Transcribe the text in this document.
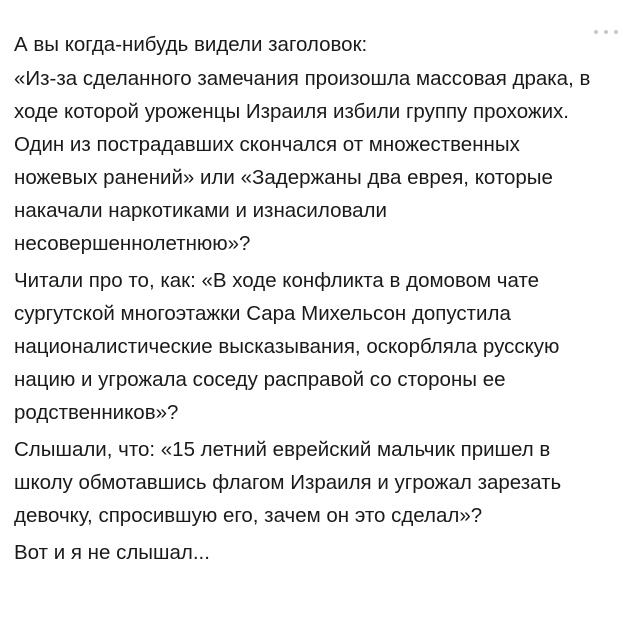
А вы когда-нибудь видели заголовок:

«Из-за сделанного замечания произошла массовая драка, в ходе которой уроженцы Израиля избили группу прохожих. Один из пострадавших скончался от множественных ножевых ранений» или «Задержаны два еврея, которые накачали наркотиками и изнасиловали несовершеннолетнюю»?

Читали про то, как: «В ходе конфликта в домовом чате сургутской многоэтажки Сара Михельсон допустила националистические высказывания, оскорбляла русскую нацию и угрожала соседу расправой со стороны ее родственников»?

Слышали, что: «15 летний еврейский мальчик пришел в школу обмотавшись флагом Израиля и угрожал зарезать девочку, спросившую его, зачем он это сделал»?

Вот и я не слышал...
